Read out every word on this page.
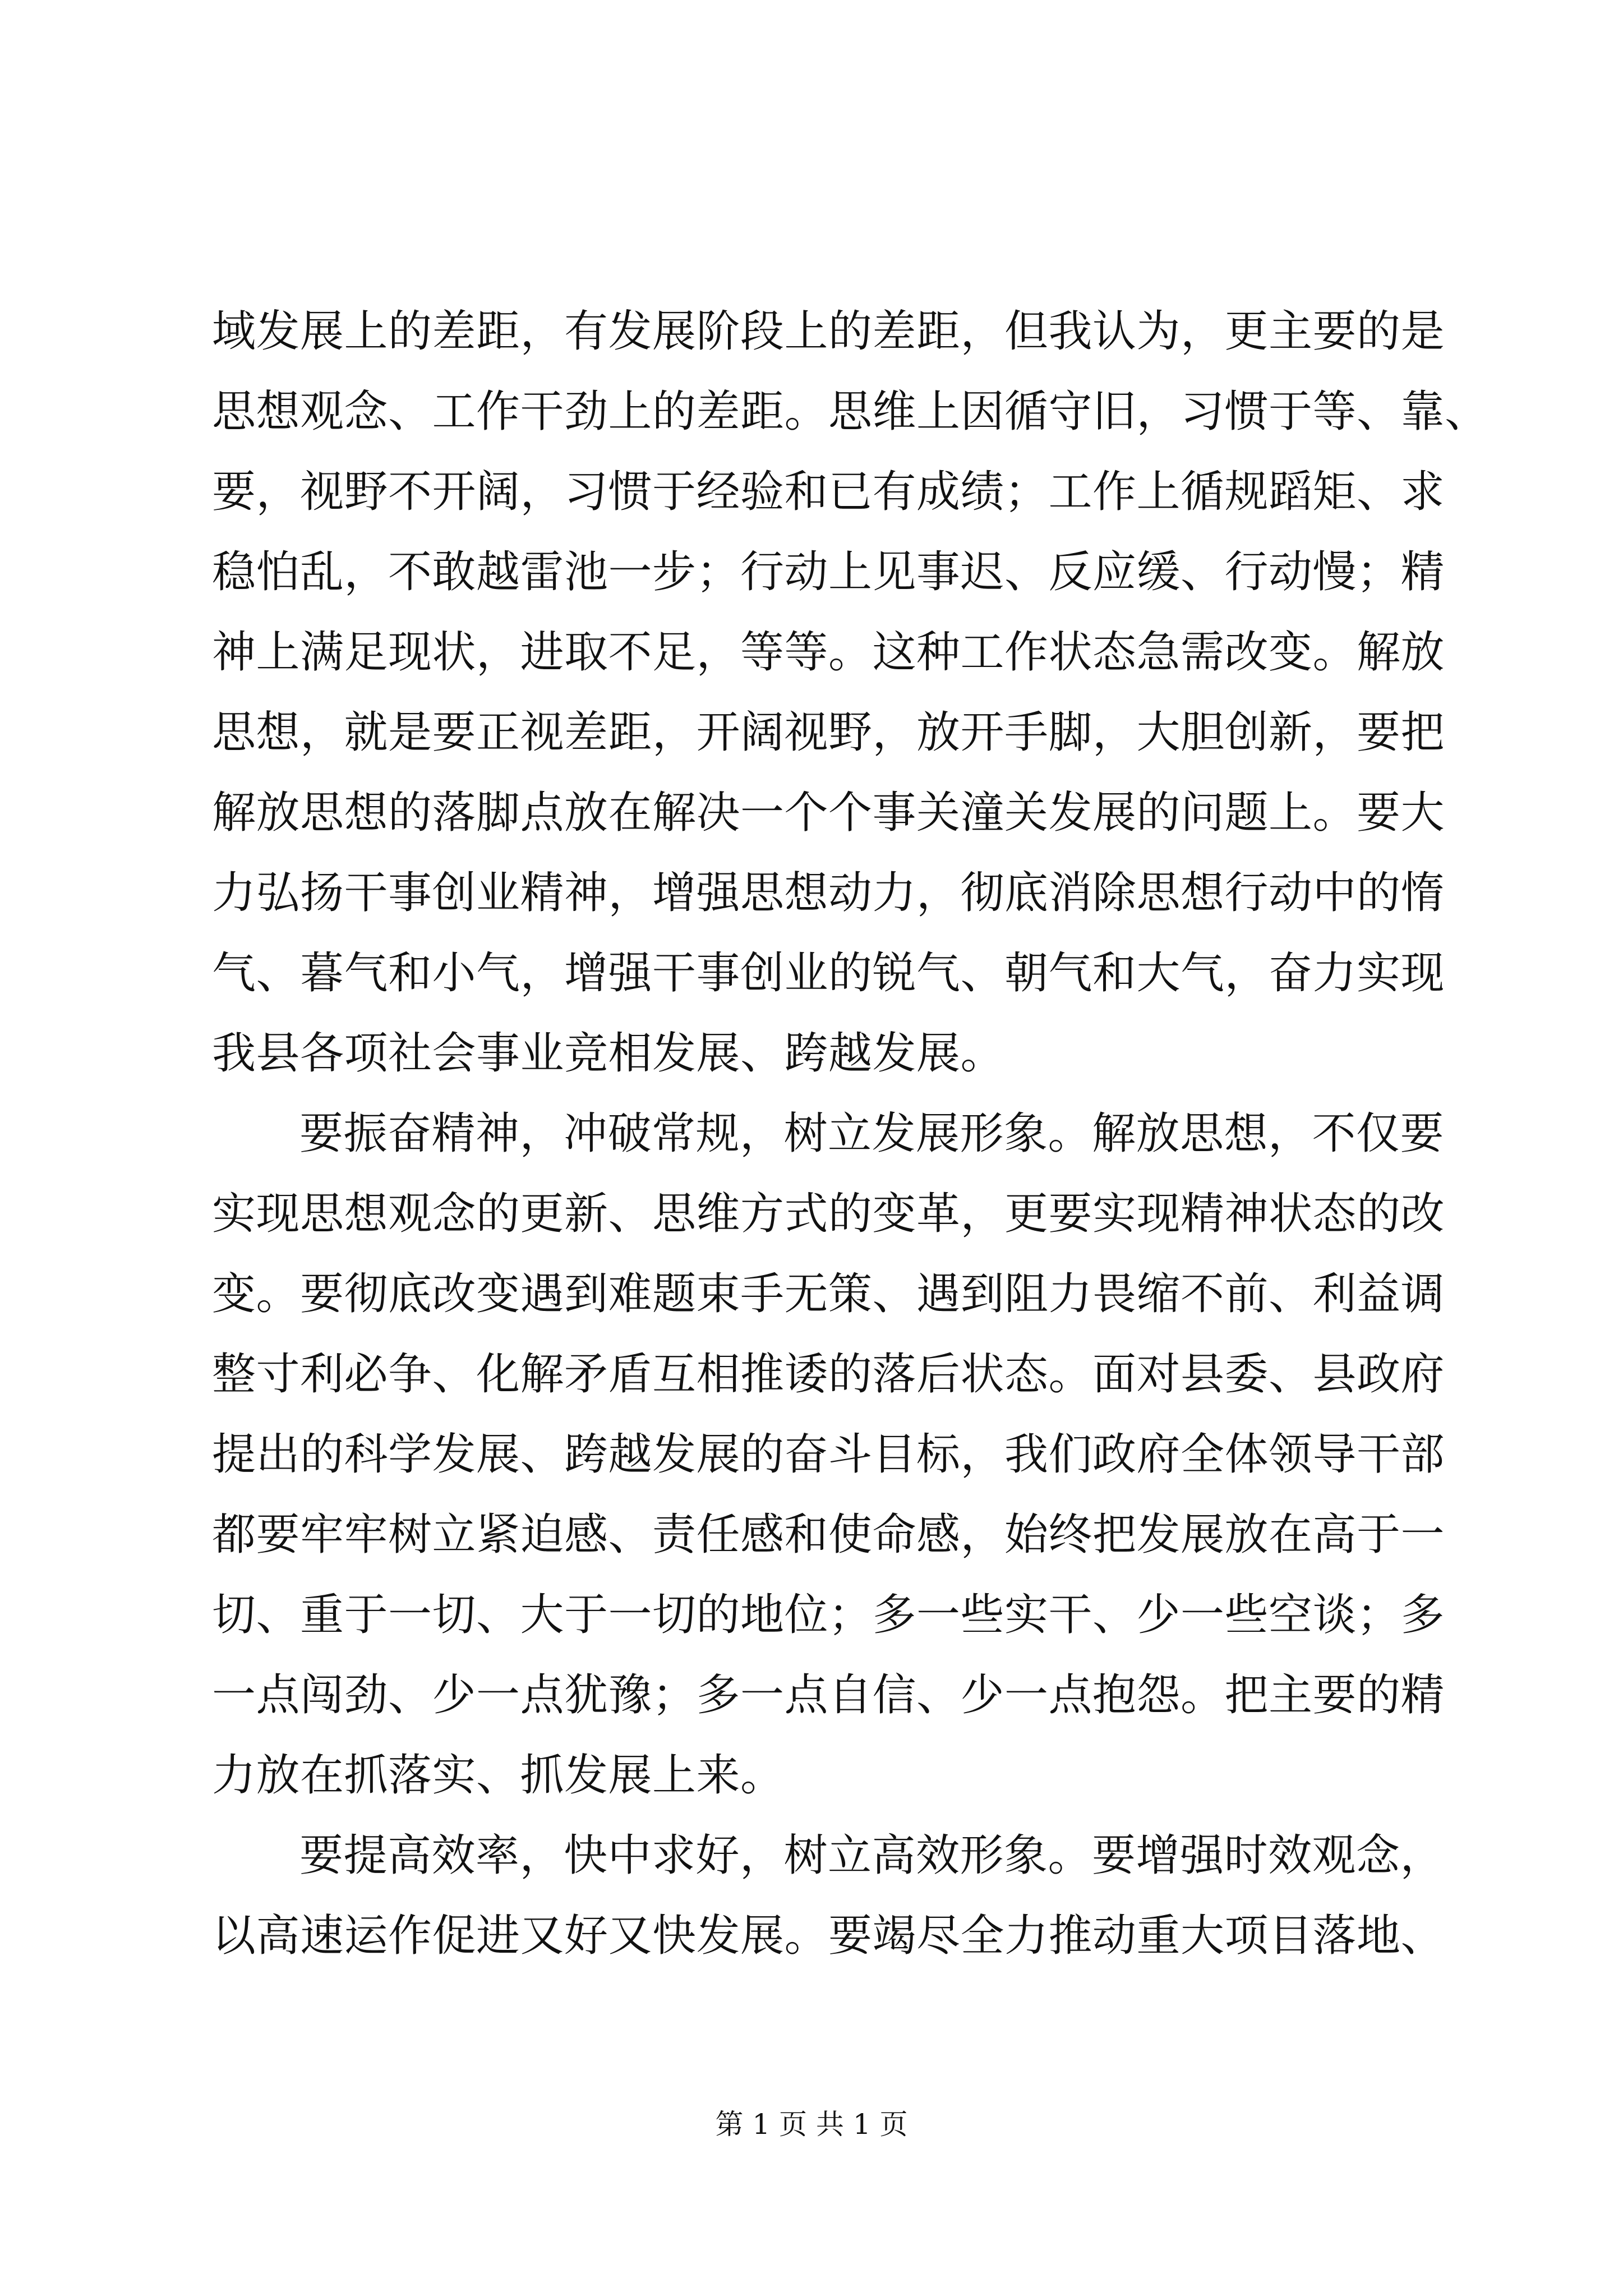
域发展上的差距，有发展阶段上的差距，但我认为，更主要的是
思想观念、工作干劲上的差距。思维上因循守旧，习惯于等、靠、
要，视野不开阔，习惯于经验和已有成绩；工作上循规蹈矩、求
稳怕乱，不敢越雷池一步；行动上见事迟、反应缓、行动慢；精
神上满足现状，进取不足，等等。这种工作状态急需改变。解放
思想，就是要正视差距，开阔视野，放开手脚，大胆创新，要把
解放思想的落脚点放在解决一个个事关潼关发展的问题上。要大
力弘扬干事创业精神，增强思想动力，彻底消除思想行动中的惰
气、暮气和小气，增强干事创业的锐气、朝气和大气，奋力实现
我县各项社会事业竞相发展、跨越发展。
要振奋精神，冲破常规，树立发展形象。解放思想，不仅要
实现思想观念的更新、思维方式的变革，更要实现精神状态的改
变。要彻底改变遇到难题束手无策、遇到阻力畏缩不前、利益调
整寸利必争、化解矛盾互相推诿的落后状态。面对县委、县政府
提出的科学发展、跨越发展的奋斗目标，我们政府全体领导干部
都要牢牢树立紧迫感、责任感和使命感，始终把发展放在高于一
切、重于一切、大于一切的地位；多一些实干、少一些空谈；多
一点闯劲、少一点犹豫；多一点自信、少一点抱怨。把主要的精
力放在抓落实、抓发展上来。
要提高效率，快中求好，树立高效形象。要增强时效观念，
以高速运作促进又好又快发展。要竭尽全力推动重大项目落地、
第 1 页 共 1 页
